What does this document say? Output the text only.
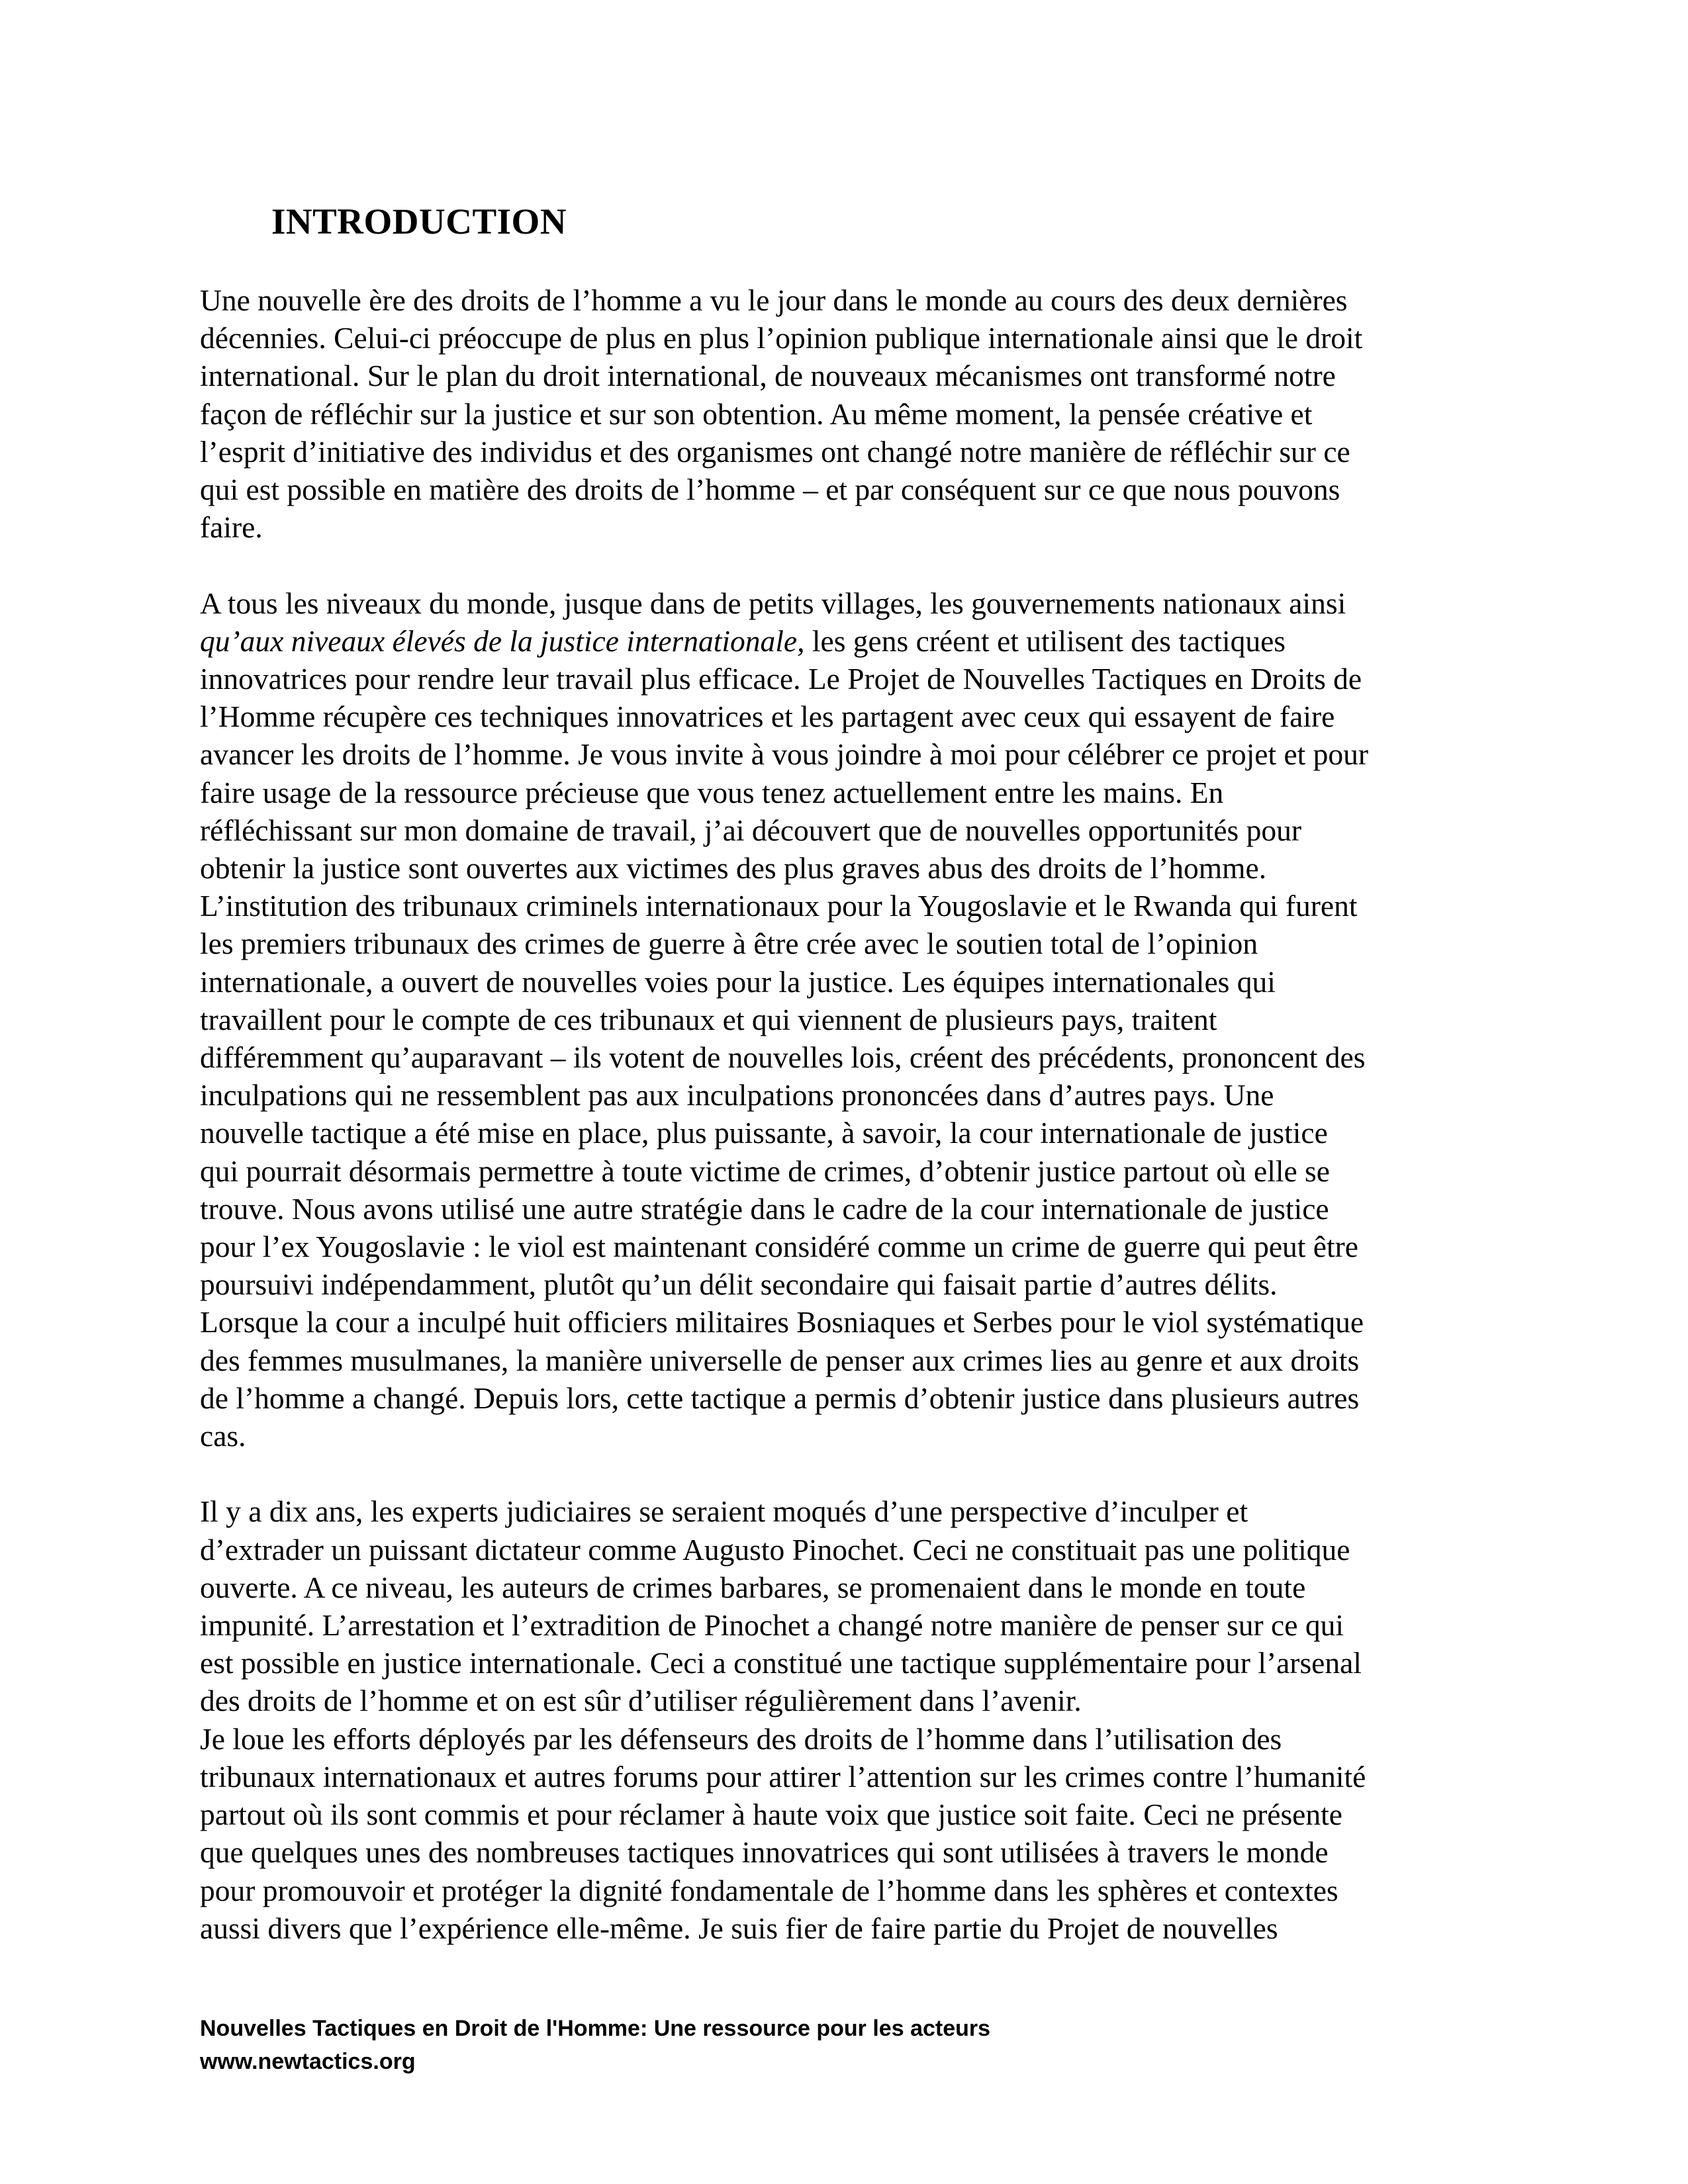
INTRODUCTION

Une nouvelle ère des droits de l’homme a vu le jour dans le monde au cours des deux dernières
décennies. Celui-ci préoccupe de plus en plus l’opinion publique internationale ainsi que le droit
international. Sur le plan du droit international, de nouveaux mécanismes ont transformé notre
façon de réfléchir sur la justice et sur son obtention. Au même moment, la pensée créative et
l’esprit d’initiative des individus et des organismes ont changé notre manière de réfléchir sur ce
qui est possible en matière des droits de l’homme – et par conséquent sur ce que nous pouvons
faire.

A tous les niveaux du monde, jusque dans de petits villages, les gouvernements nationaux ainsi
qu’aux niveaux élevés de la justice internationale, les gens créent et utilisent des tactiques
innovatrices pour rendre leur travail plus efficace. Le Projet de Nouvelles Tactiques en Droits de
l’Homme récupère ces techniques innovatrices et les partagent avec ceux qui essayent de faire
avancer les droits de l’homme. Je vous invite à vous joindre à moi pour célébrer ce projet et pour
faire usage de la ressource précieuse que vous tenez actuellement entre les mains. En
réfléchissant sur mon domaine de travail, j’ai découvert que de nouvelles opportunités pour
obtenir la justice sont ouvertes aux victimes des plus graves abus des droits de l’homme.
L’institution des tribunaux criminels internationaux pour la Yougoslavie et le Rwanda qui furent
les premiers tribunaux des crimes de guerre à être crée avec le soutien total de l’opinion
internationale, a ouvert de nouvelles voies pour la justice. Les équipes internationales qui
travaillent pour le compte de ces tribunaux et qui viennent de plusieurs pays, traitent
différemment qu’auparavant – ils votent de nouvelles lois, créent des précédents, prononcent des
inculpations qui ne ressemblent pas aux inculpations prononcées dans d’autres pays. Une
nouvelle tactique a été mise en place, plus puissante, à savoir, la cour internationale de justice
qui pourrait désormais permettre à toute victime de crimes, d’obtenir justice partout où elle se
trouve. Nous avons utilisé une autre stratégie dans le cadre de la cour internationale de justice
pour l’ex Yougoslavie : le viol est maintenant considéré comme un crime de guerre qui peut être
poursuivi indépendamment, plutôt qu’un délit secondaire qui faisait partie d’autres délits.
Lorsque la cour a inculpé huit officiers militaires Bosniaques et Serbes pour le viol systématique
des femmes musulmanes, la manière universelle de penser aux crimes lies au genre et aux droits
de l’homme a changé. Depuis lors, cette tactique a permis d’obtenir justice dans plusieurs autres
cas.

Il y a dix ans, les experts judiciaires se seraient moqués d’une perspective d’inculper et
d’extrader un puissant dictateur comme Augusto Pinochet. Ceci ne constituait pas une politique
ouverte. A ce niveau, les auteurs de crimes barbares, se promenaient dans le monde en toute
impunité. L’arrestation et l’extradition de Pinochet a changé notre manière de penser sur ce qui
est possible en justice internationale. Ceci a constitué une tactique supplémentaire pour l’arsenal
des droits de l’homme et on est sûr d’utiliser régulièrement dans l’avenir.

Je loue les efforts déployés par les défenseurs des droits de l’homme dans l’utilisation des
tribunaux internationaux et autres forums pour attirer l’attention sur les crimes contre l’humanité
partout où ils sont commis et pour réclamer à haute voix que justice soit faite. Ceci ne présente
que quelques unes des nombreuses tactiques innovatrices qui sont utilisées à travers le monde
pour promouvoir et protéger la dignité fondamentale de l’homme dans les sphères et contextes
aussi divers que l’expérience elle-même. Je suis fier de faire partie du Projet de nouvelles

Nouvelles Tactiques en Droit de l'Homme: Une ressource pour les acteurs
www.newtactics.org
